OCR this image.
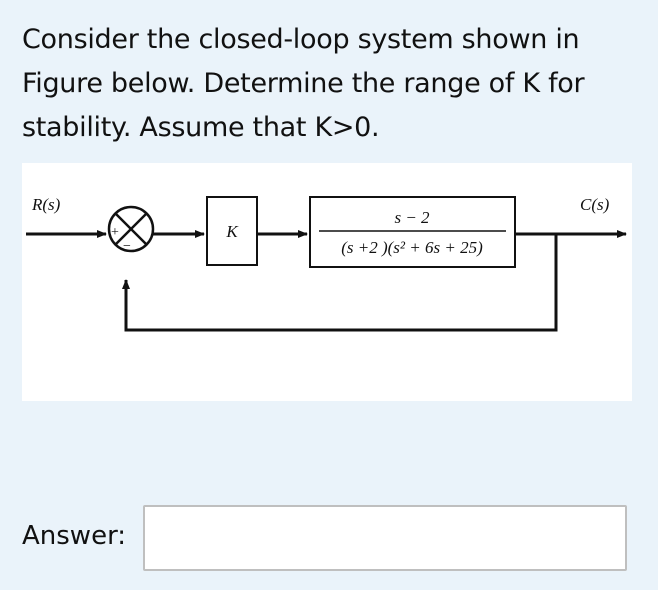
Consider the closed-loop system shown in Figure below. Determine the range of K for stability. Assume that K>0.
+
−
K
s − 2
(s +2 )(s² + 6s + 25)
R(s)	C(s)
Answer:
